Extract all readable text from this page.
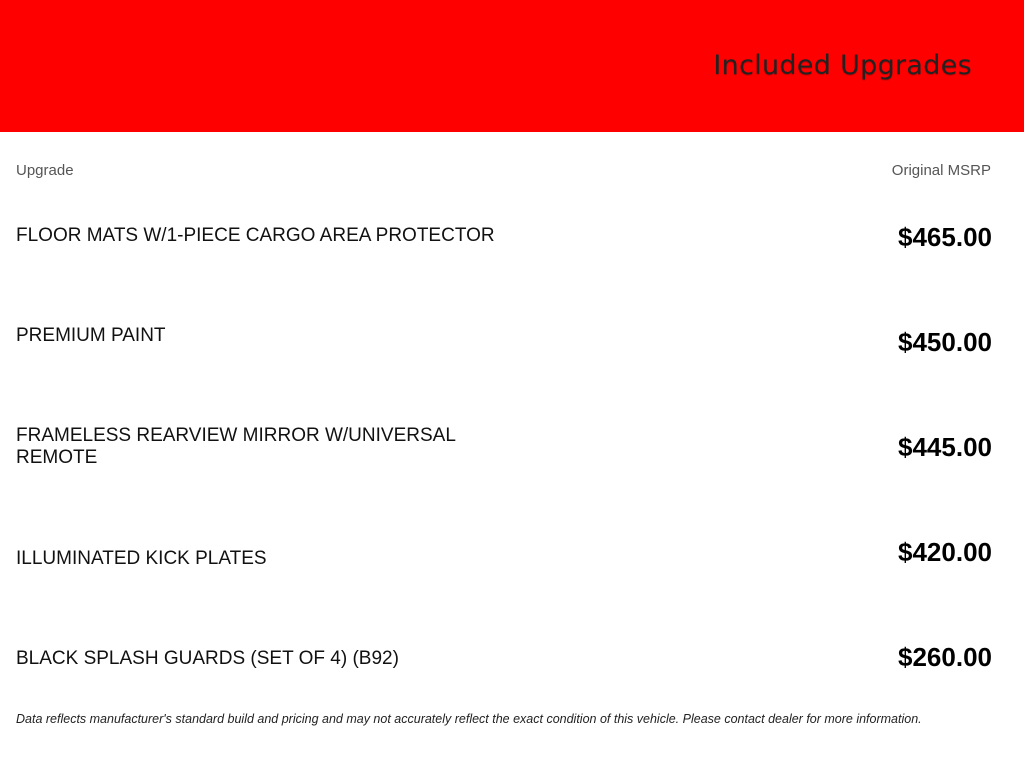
Included Upgrades
Upgrade	Original MSRP
FLOOR MATS W/1-PIECE CARGO AREA PROTECTOR	$465.00
PREMIUM PAINT	$450.00
FRAMELESS REARVIEW MIRROR W/UNIVERSAL REMOTE	$445.00
ILLUMINATED KICK PLATES	$420.00
BLACK SPLASH GUARDS (SET OF 4) (B92)	$260.00
Data reflects manufacturer's standard build and pricing and may not accurately reflect the exact condition of this vehicle. Please contact dealer for more information.
